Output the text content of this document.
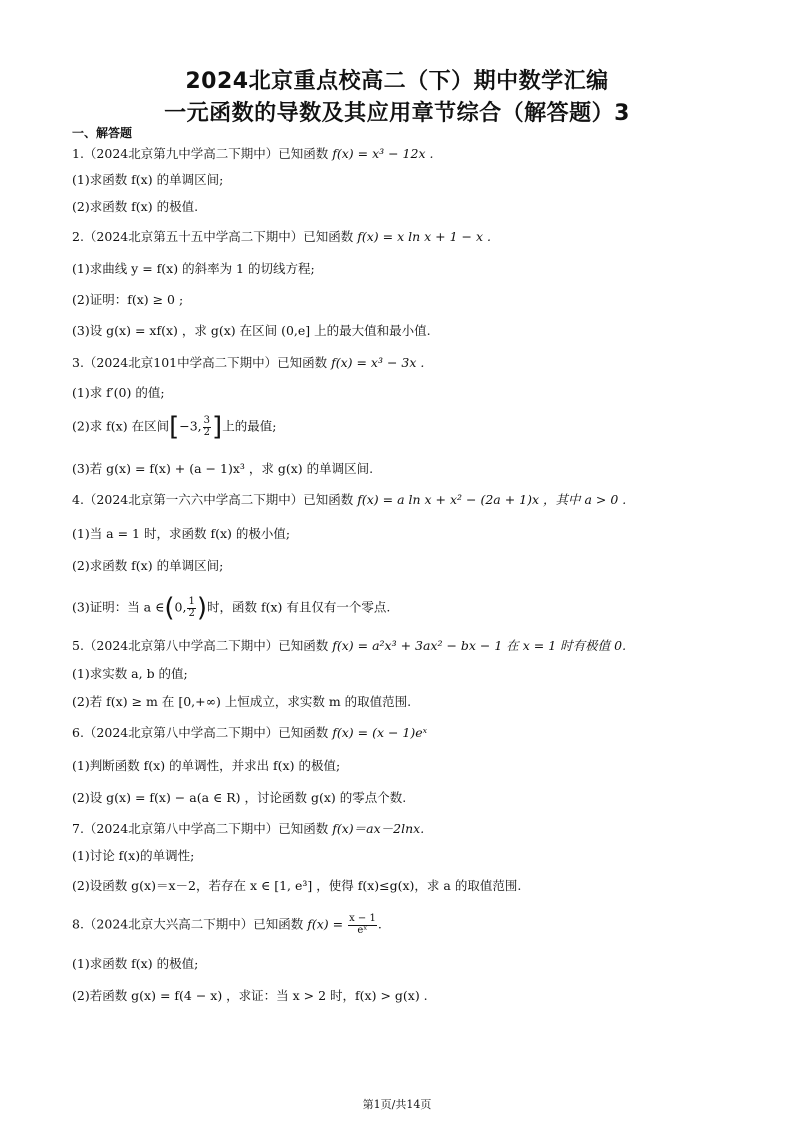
2024北京重点校高二（下）期中数学汇编
一元函数的导数及其应用章节综合（解答题）3
一、解答题
1.（2024北京第九中学高二下期中）已知函数 f(x) = x³ − 12x .
(1)求函数 f(x) 的单调区间;
(2)求函数 f(x) 的极值.
2.（2024北京第五十五中学高二下期中）已知函数 f(x) = x ln x + 1 − x .
(1)求曲线 y = f(x) 的斜率为 1 的切线方程;
(2)证明：f(x) ≥ 0 ;
(3)设 g(x) = xf(x) ，求 g(x) 在区间 (0,e] 上的最大值和最小值.
3.（2024北京101中学高二下期中）已知函数 f(x) = x³ − 3x .
(1)求 f′(0) 的值;
(2)求 f(x) 在区间[−3, $\frac{3}{2}$ ]上的最值;
(3)若 g(x) = f(x) + (a − 1)x³ ，求 g(x) 的单调区间.
4.（2024北京第一六六中学高二下期中）已知函数 f(x) = a ln x + x² − (2a + 1)x ，其中 a > 0 .
(1)当 a = 1 时，求函数 f(x) 的极小值;
(2)求函数 f(x) 的单调区间;
(3)证明：当 a ∈(0, $\frac{1}{2}$ )时，函数 f(x) 有且仅有一个零点.
5.（2024北京第八中学高二下期中）已知函数 f(x) = a²x³ + 3ax² − bx − 1 在 x = 1 时有极值 0.
(1)求实数 a, b 的值;
(2)若 f(x) ≥ m 在 [0,+∞) 上恒成立，求实数 m 的取值范围.
6.（2024北京第八中学高二下期中）已知函数 f(x) = (x − 1)eˣ
(1)判断函数 f(x) 的单调性，并求出 f(x) 的极值;
(2)设 g(x) = f(x) − a(a ∈ R) ，讨论函数 g(x) 的零点个数.
7.（2024北京第八中学高二下期中）已知函数 f(x)＝ax－2lnx.
(1)讨论 f(x)的单调性;
(2)设函数 g(x)＝x－2，若存在 x ∈ [1, e³] ，使得 f(x)≤g(x)，求 a 的取值范围.
8.（2024北京大兴高二下期中）已知函数 $f(x) = \frac{x - 1}{\text{eˣ}}$ .
(1)求函数 f(x) 的极值;
(2)若函数 g(x) = f(4 − x) ，求证：当 x > 2 时，f(x) > g(x) .
第1页/共14页
